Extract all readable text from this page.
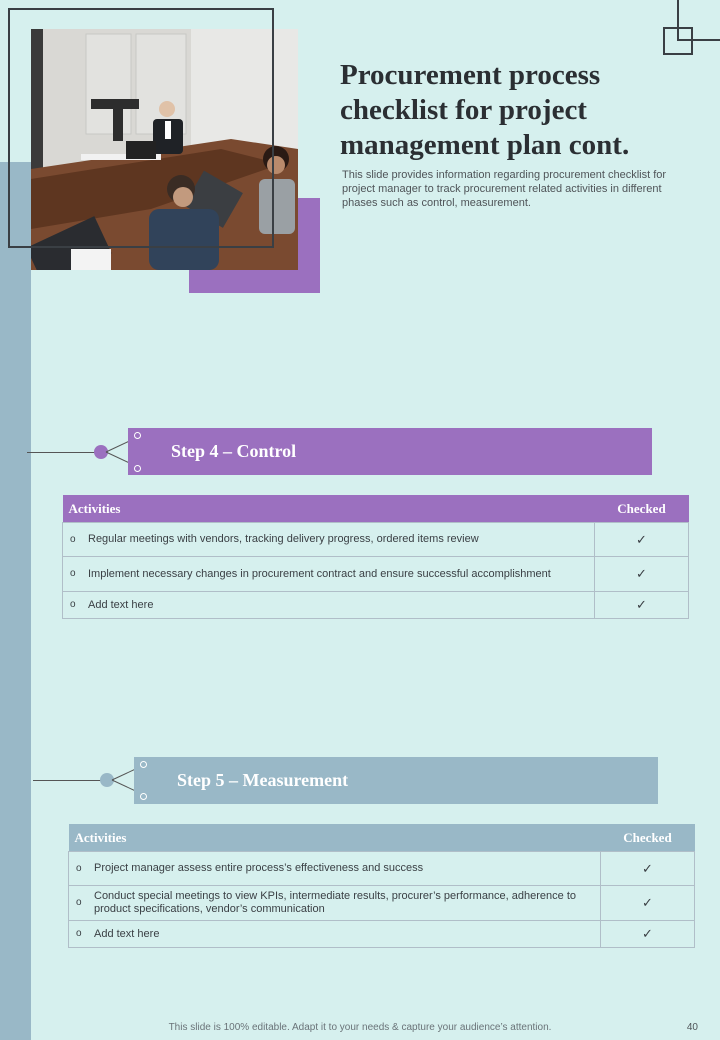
Procurement process checklist for project management plan cont.

This slide provides information regarding procurement checklist for project manager to track procurement related activities in different phases such as control, measurement.

Step 4 – Control
Activities	Checked
o Regular meetings with vendors, tracking delivery progress, ordered items review	✓
o Implement necessary changes in procurement contract and ensure successful accomplishment	✓
o Add text here	✓
Step 5 – Measurement
Activities	Checked
o Project manager assess entire process’s effectiveness and success	✓
o Conduct special meetings to view KPIs, intermediate results, procurer’s performance, adherence to product specifications, vendor’s communication	✓
o Add text here	✓
This slide is 100% editable. Adapt it to your needs & capture your audience’s attention.	40
